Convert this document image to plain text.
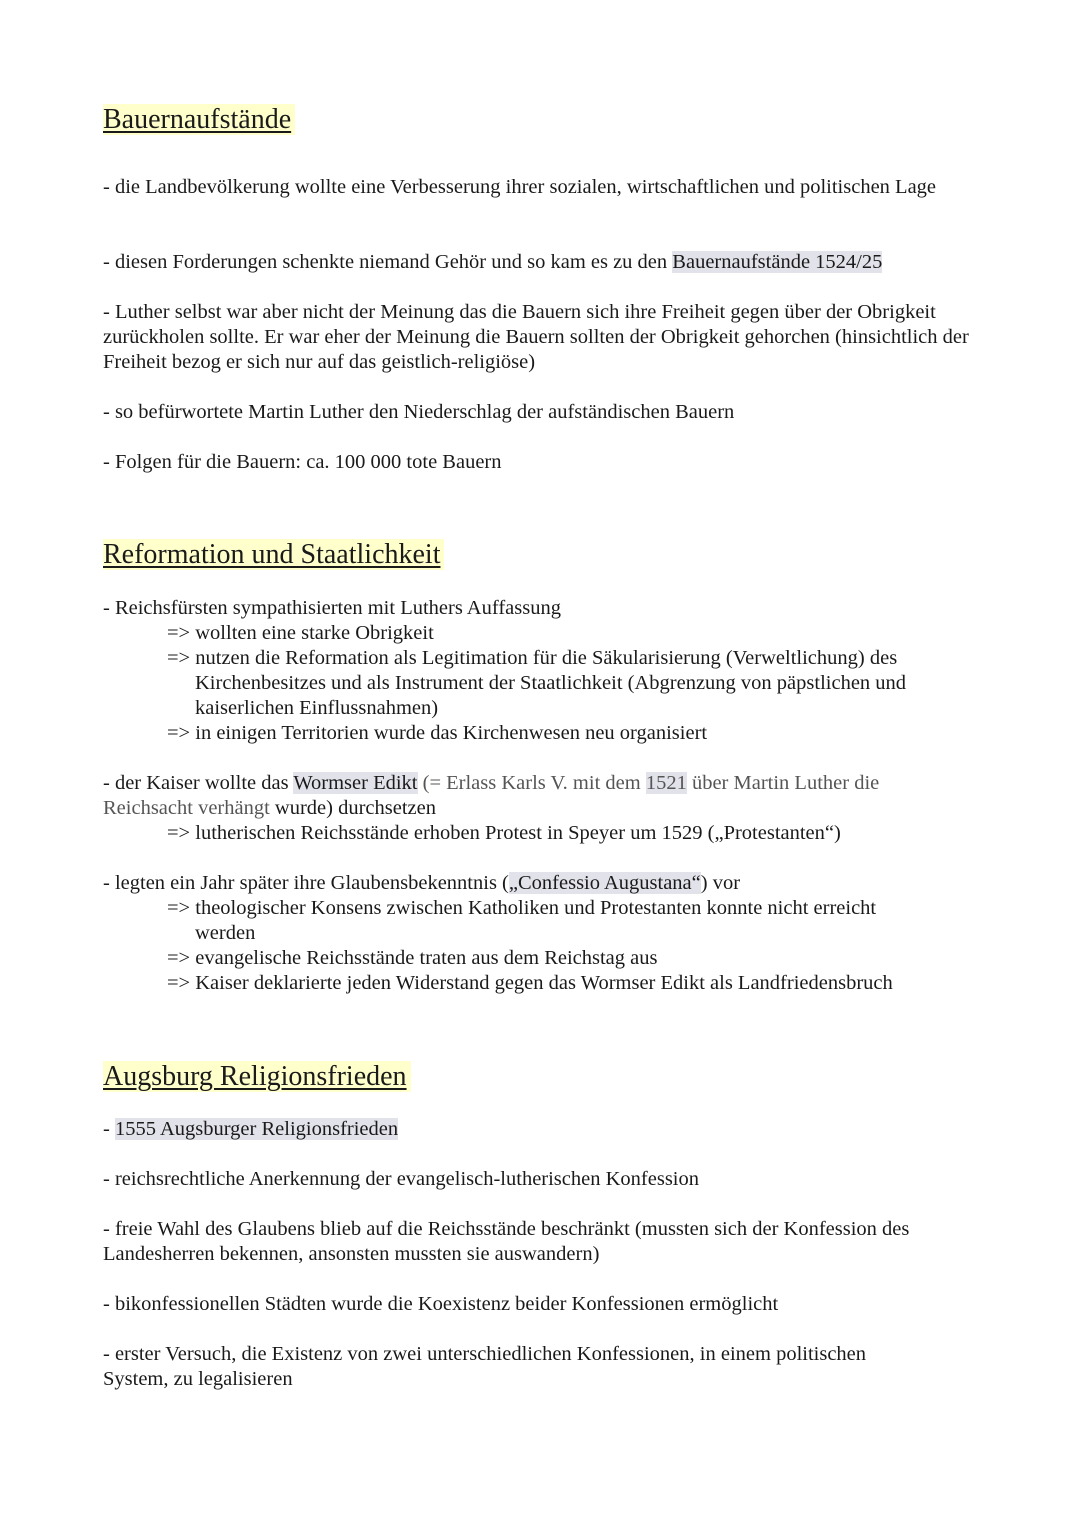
Bauernaufstände

- die Landbevölkerung wollte eine Verbesserung ihrer sozialen, wirtschaftlichen und politischen Lage

- diesen Forderungen schenkte niemand Gehör und so kam es zu den Bauernaufstände 1524/25

- Luther selbst war aber nicht der Meinung das die Bauern sich ihre Freiheit gegen über der Obrigkeit zurückholen sollte. Er war eher der Meinung die Bauern sollten der Obrigkeit gehorchen (hinsichtlich der Freiheit bezog er sich nur auf das geistlich-religiöse)

- so befürwortete Martin Luther den Niederschlag der aufständischen Bauern

- Folgen für die Bauern: ca. 100 000 tote Bauern

Reformation und Staatlichkeit

- Reichsfürsten sympathisierten mit Luthers Auffassung

=> wollten eine starke Obrigkeit

=> nutzen die Reformation als Legitimation für die Säkularisierung (Verweltlichung) des

Kirchenbesitzes und als Instrument der Staatlichkeit (Abgrenzung von päpstlichen und

kaiserlichen Einflussnahmen)

=> in einigen Territorien wurde das Kirchenwesen neu organisiert

- der Kaiser wollte das Wormser Edikt (= Erlass Karls V. mit dem 1521 über Martin Luther die
Reichsacht verhängt wurde) durchsetzen

=> lutherischen Reichsstände erhoben Protest in Speyer um 1529 („Protestanten“)

- legten ein Jahr später ihre Glaubensbekenntnis („Confessio Augustana“) vor

=> theologischer Konsens zwischen Katholiken und Protestanten konnte nicht erreicht

werden

=> evangelische Reichsstände traten aus dem Reichstag aus

=> Kaiser deklarierte jeden Widerstand gegen das Wormser Edikt als Landfriedensbruch

Augsburg Religionsfrieden

- 1555 Augsburger Religionsfrieden

- reichsrechtliche Anerkennung der evangelisch-lutherischen Konfession

- freie Wahl des Glaubens blieb auf die Reichsstände beschränkt (mussten sich der Konfession des Landesherren bekennen, ansonsten mussten sie auswandern)

- bikonfessionellen Städten wurde die Koexistenz beider Konfessionen ermöglicht

- erster Versuch, die Existenz von zwei unterschiedlichen Konfessionen, in einem politischen System, zu legalisieren
